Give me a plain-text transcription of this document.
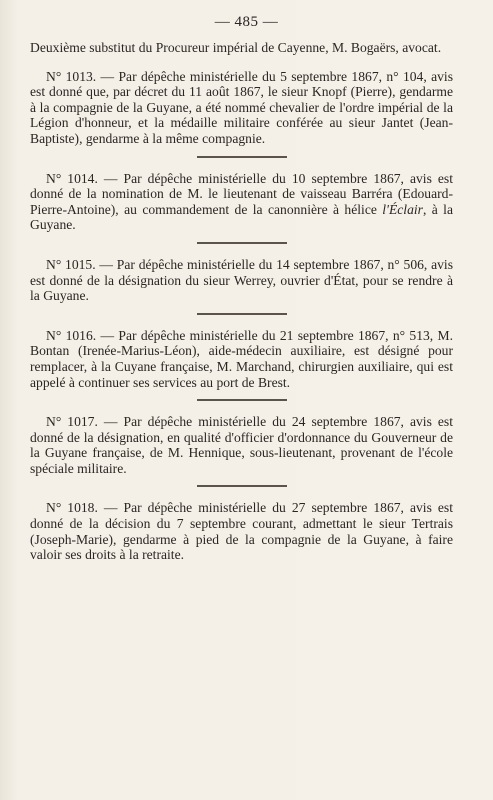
— 485 —

Deuxième substitut du Procureur impérial de Cayenne, M. Bogaërs, avocat.

N° 1013. — Par dépêche ministérielle du 5 septembre 1867, n° 104, avis est donné que, par décret du 11 août 1867, le sieur Knopf (Pierre), gendarme à la compagnie de la Guyane, a été nommé chevalier de l'ordre impérial de la Légion d'honneur, et la médaille militaire conférée au sieur Jantet (Jean-Baptiste), gendarme à la même compagnie.

N° 1014. — Par dépêche ministérielle du 10 septembre 1867, avis est donné de la nomination de M. le lieutenant de vaisseau Barréra (Edouard-Pierre-Antoine), au commandement de la canonnière à hélice l'Éclair, à la Guyane.

N° 1015. — Par dépêche ministérielle du 14 septembre 1867, n° 506, avis est donné de la désignation du sieur Werrey, ouvrier d'État, pour se rendre à la Guyane.

N° 1016. — Par dépêche ministérielle du 21 septembre 1867, n° 513, M. Bontan (Irenée-Marius-Léon), aide-médecin auxiliaire, est désigné pour remplacer, à la Cuyane française, M. Marchand, chirurgien auxiliaire, qui est appelé à continuer ses services au port de Brest.

N° 1017. — Par dépêche ministérielle du 24 septembre 1867, avis est donné de la désignation, en qualité d'officier d'ordonnance du Gouverneur de la Guyane française, de M. Hennique, sous-lieutenant, provenant de l'école spéciale militaire.

N° 1018. — Par dépêche ministérielle du 27 septembre 1867, avis est donné de la décision du 7 septembre courant, admettant le sieur Tertrais (Joseph-Marie), gendarme à pied de la compagnie de la Guyane, à faire valoir ses droits à la retraite.
